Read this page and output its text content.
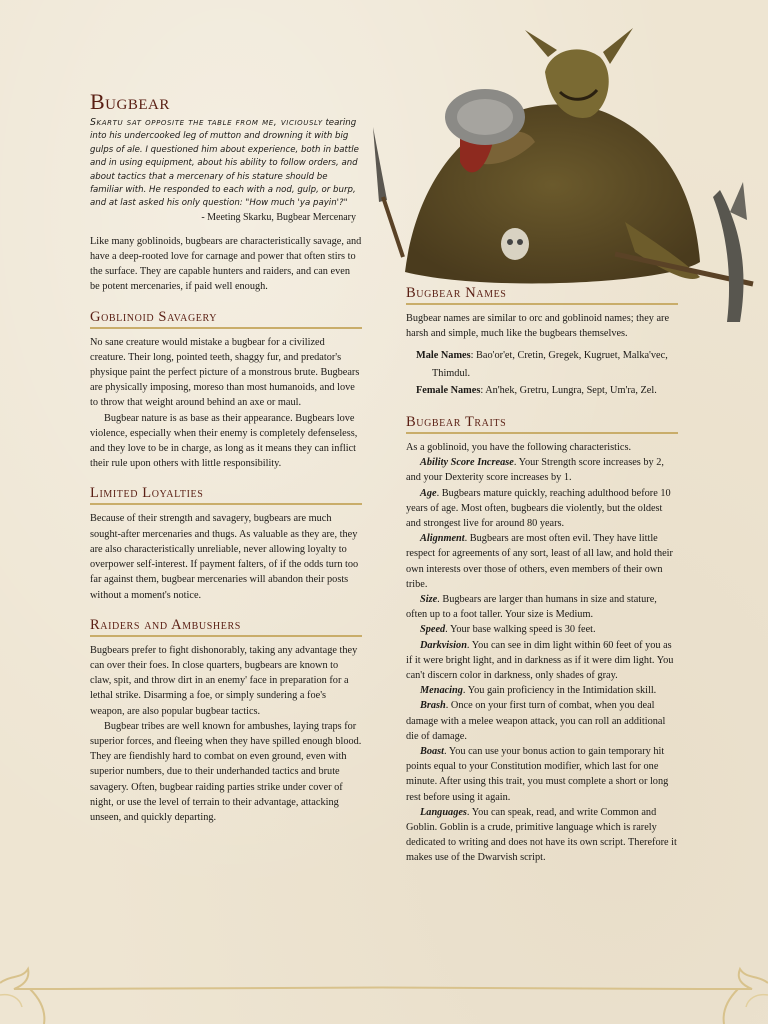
Bugbear
Skartu sat opposite the table from me, viciously tearing into his undercooked leg of mutton and drowning it with big gulps of ale. I questioned him about experience, both in battle and in using equipment, about his ability to follow orders, and about tactics that a mercenary of his stature should be familiar with. He responded to each with a nod, gulp, or burp, and at last asked his only question: "How much 'ya payin'?"
- Meeting Skarku, Bugbear Mercenary

Like many goblinoids, bugbears are characteristically savage, and have a deep-rooted love for carnage and power that often stirs to the surface. They are capable hunters and raiders, and can even be potent mercenaries, if paid well enough.

Goblinoid Savagery

No sane creature would mistake a bugbear for a civilized creature. Their long, pointed teeth, shaggy fur, and predator's physique paint the perfect picture of a monstrous brute. Bugbears are physically imposing, moreso than most humanoids, and love to throw that weight around behind an axe or maul.

Bugbear nature is as base as their appearance. Bugbears love violence, especially when their enemy is completely defenseless, and they love to be in charge, as long as it means they can inflict their rule upon others with little responsibility.

Limited Loyalties

Because of their strength and savagery, bugbears are much sought-after mercenaries and thugs. As valuable as they are, they are also characteristically unreliable, never allowing loyalty to overpower self-interest. If payment falters, of if the odds turn too far against them, bugbear mercenaries will abandon their posts without a moment's notice.

Raiders and Ambushers

Bugbears prefer to fight dishonorably, taking any advantage they can over their foes. In close quarters, bugbears are known to claw, spit, and throw dirt in an enemy' face in preparation for a lethal strike. Disarming a foe, or simply sundering a foe's weapon, are also popular bugbear tactics.

Bugbear tribes are well known for ambushes, laying traps for superior forces, and fleeing when they have spilled enough blood. They are fiendishly hard to combat on even ground, even with superior numbers, due to their underhanded tactics and brute savagery. Often, bugbear raiding parties strike under cover of night, or use the level of terrain to their advantage, attacking unseen, and quickly departing.

Bugbear Names

Bugbear names are similar to orc and goblinoid names; they are harsh and simple, much like the bugbears themselves.

Male Names: Bao'or'et, Cretin, Gregek, Kugruet, Malka'vec, Thimdul.
Female Names: An'hek, Gretru, Lungra, Sept, Um'ra, Zel.
Bugbear Traits

As a goblinoid, you have the following characteristics.

Ability Score Increase. Your Strength score increases by 2, and your Dexterity score increases by 1.

Age. Bugbears mature quickly, reaching adulthood before 10 years of age. Most often, bugbears die violently, but the oldest and strongest live for around 80 years.

Alignment. Bugbears are most often evil. They have little respect for agreements of any sort, least of all law, and hold their own interests over those of others, even members of their own tribe.

Size. Bugbears are larger than humans in size and stature, often up to a foot taller. Your size is Medium.

Speed. Your base walking speed is 30 feet.

Darkvision. You can see in dim light within 60 feet of you as if it were bright light, and in darkness as if it were dim light. You can't discern color in darkness, only shades of gray.

Menacing. You gain proficiency in the Intimidation skill.

Brash. Once on your first turn of combat, when you deal damage with a melee weapon attack, you can roll an additional die of damage.

Boast. You can use your bonus action to gain temporary hit points equal to your Constitution modifier, which last for one minute. After using this trait, you must complete a short or long rest before using it again.

Languages. You can speak, read, and write Common and Goblin. Goblin is a crude, primitive language which is rarely dedicated to writing and does not have its own script. Therefore it makes use of the Dwarvish script.
